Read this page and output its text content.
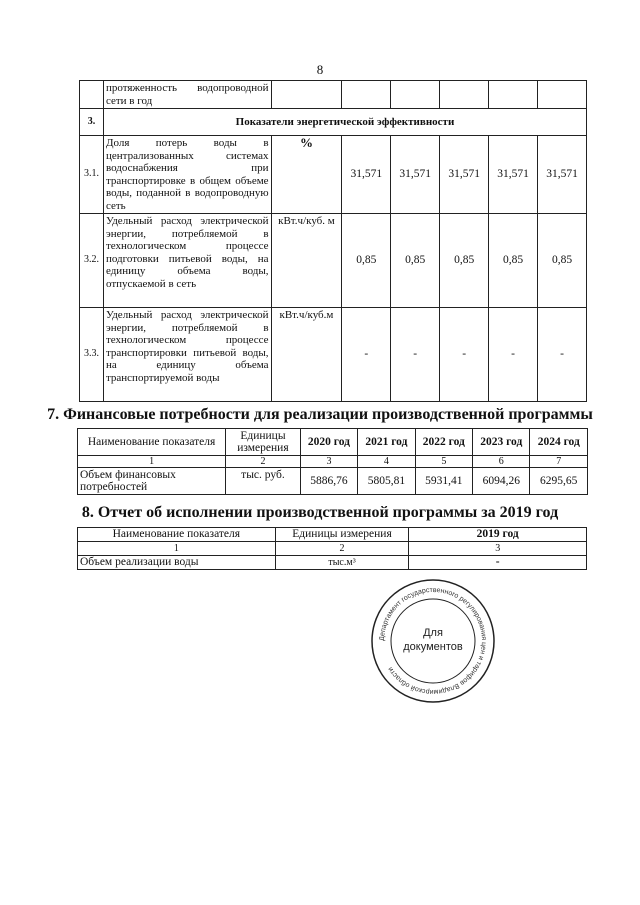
8
	протяженность водопроводной сети в год						
3.	Показатели энергетической эффективности						
3.1.	Доля потерь воды в централизованных системах водоснабжения при транспортировке в общем объеме воды, поданной в водопроводную сеть	%	31,571	31,571	31,571	31,571	31,571
3.2.	Удельный расход электрической энергии, потребляемой в технологическом процессе подготовки питьевой воды, на единицу объема воды, отпускаемой в сеть	кВт.ч/куб. м	0,85	0,85	0,85	0,85	0,85
3.3.	Удельный расход электрической энергии, потребляемой в технологическом процессе транспортировки питьевой воды, на единицу объема транспортируемой воды	кВт.ч/куб.м	-	-	-	-	-
7. Финансовые потребности для реализации производственной программы
Наименование показателя	Единицы измерения	2020 год	2021 год	2022 год	2023 год	2024 год
1	2	3	4	5	6	7
Объем финансовых потребностей	тыс. руб.	5886,76	5805,81	5931,41	6094,26	6295,65
8. Отчет об исполнении производственной программы за 2019 год
Наименование показателя	Единицы измерения	2019 год
1	2	3
Объем реализации воды	тыс.м³	-
Департамент государственного регулирования цен и тарифов Владимирской области
Для
документов
